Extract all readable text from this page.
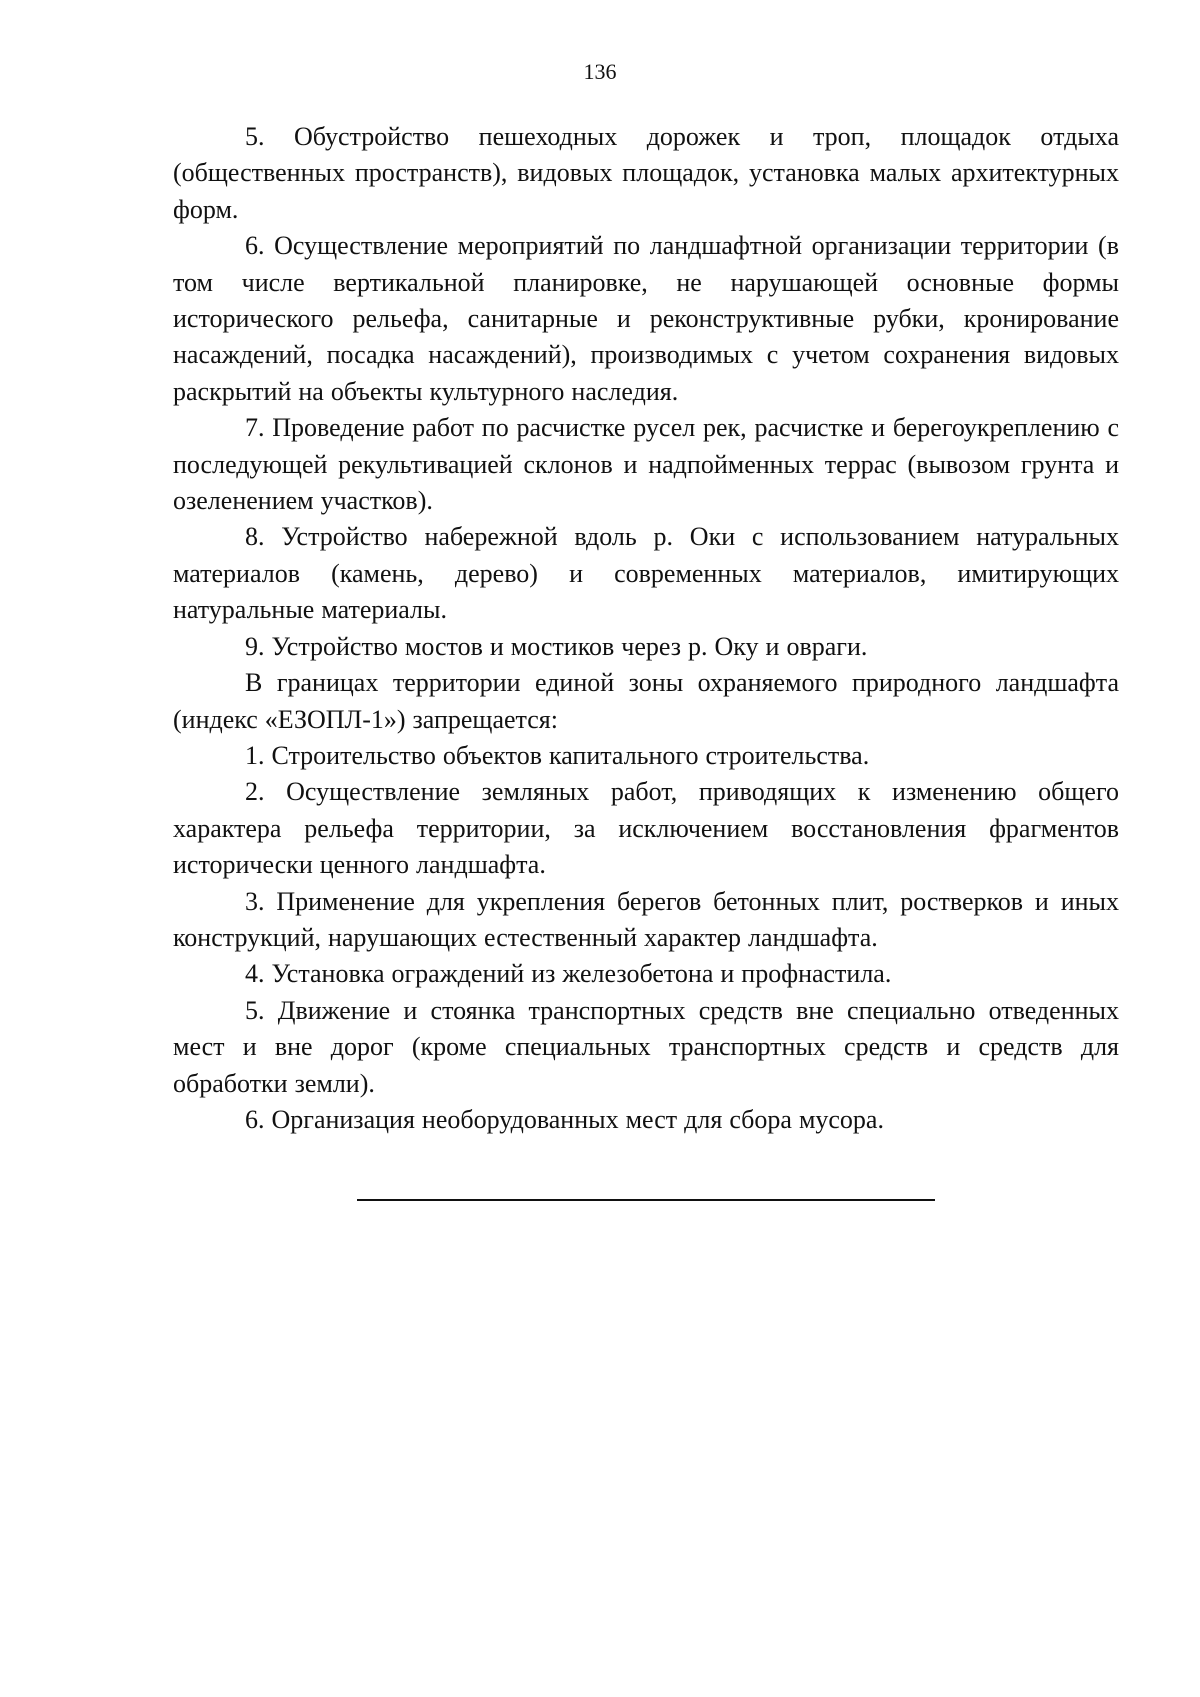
136

5. Обустройство пешеходных дорожек и троп, площадок отдыха (общественных пространств), видовых площадок, установка малых архитектурных форм.

6. Осуществление мероприятий по ландшафтной организации территории (в том числе вертикальной планировке, не нарушающей основные формы исторического рельефа, санитарные и реконструктивные рубки, кронирование насаждений, посадка насаждений), производимых с учетом сохранения видовых раскрытий на объекты культурного наследия.

7. Проведение работ по расчистке русел рек, расчистке и берегоукреплению с последующей рекультивацией склонов и надпойменных террас (вывозом грунта и озеленением участков).

8. Устройство набережной вдоль р. Оки с использованием натуральных материалов (камень, дерево) и современных материалов, имитирующих натуральные материалы.

9. Устройство мостов и мостиков через р. Оку и овраги.

В границах территории единой зоны охраняемого природного ландшафта (индекс «ЕЗОПЛ-1») запрещается:

1. Строительство объектов капитального строительства.

2. Осуществление земляных работ, приводящих к изменению общего характера рельефа территории, за исключением восстановления фрагментов исторически ценного ландшафта.

3. Применение для укрепления берегов бетонных плит, ростверков и иных конструкций, нарушающих естественный характер ландшафта.

4. Установка ограждений из железобетона и профнастила.

5. Движение и стоянка транспортных средств вне специально отведенных мест и вне дорог (кроме специальных транспортных средств и средств для обработки земли).

6. Организация необорудованных мест для сбора мусора.
